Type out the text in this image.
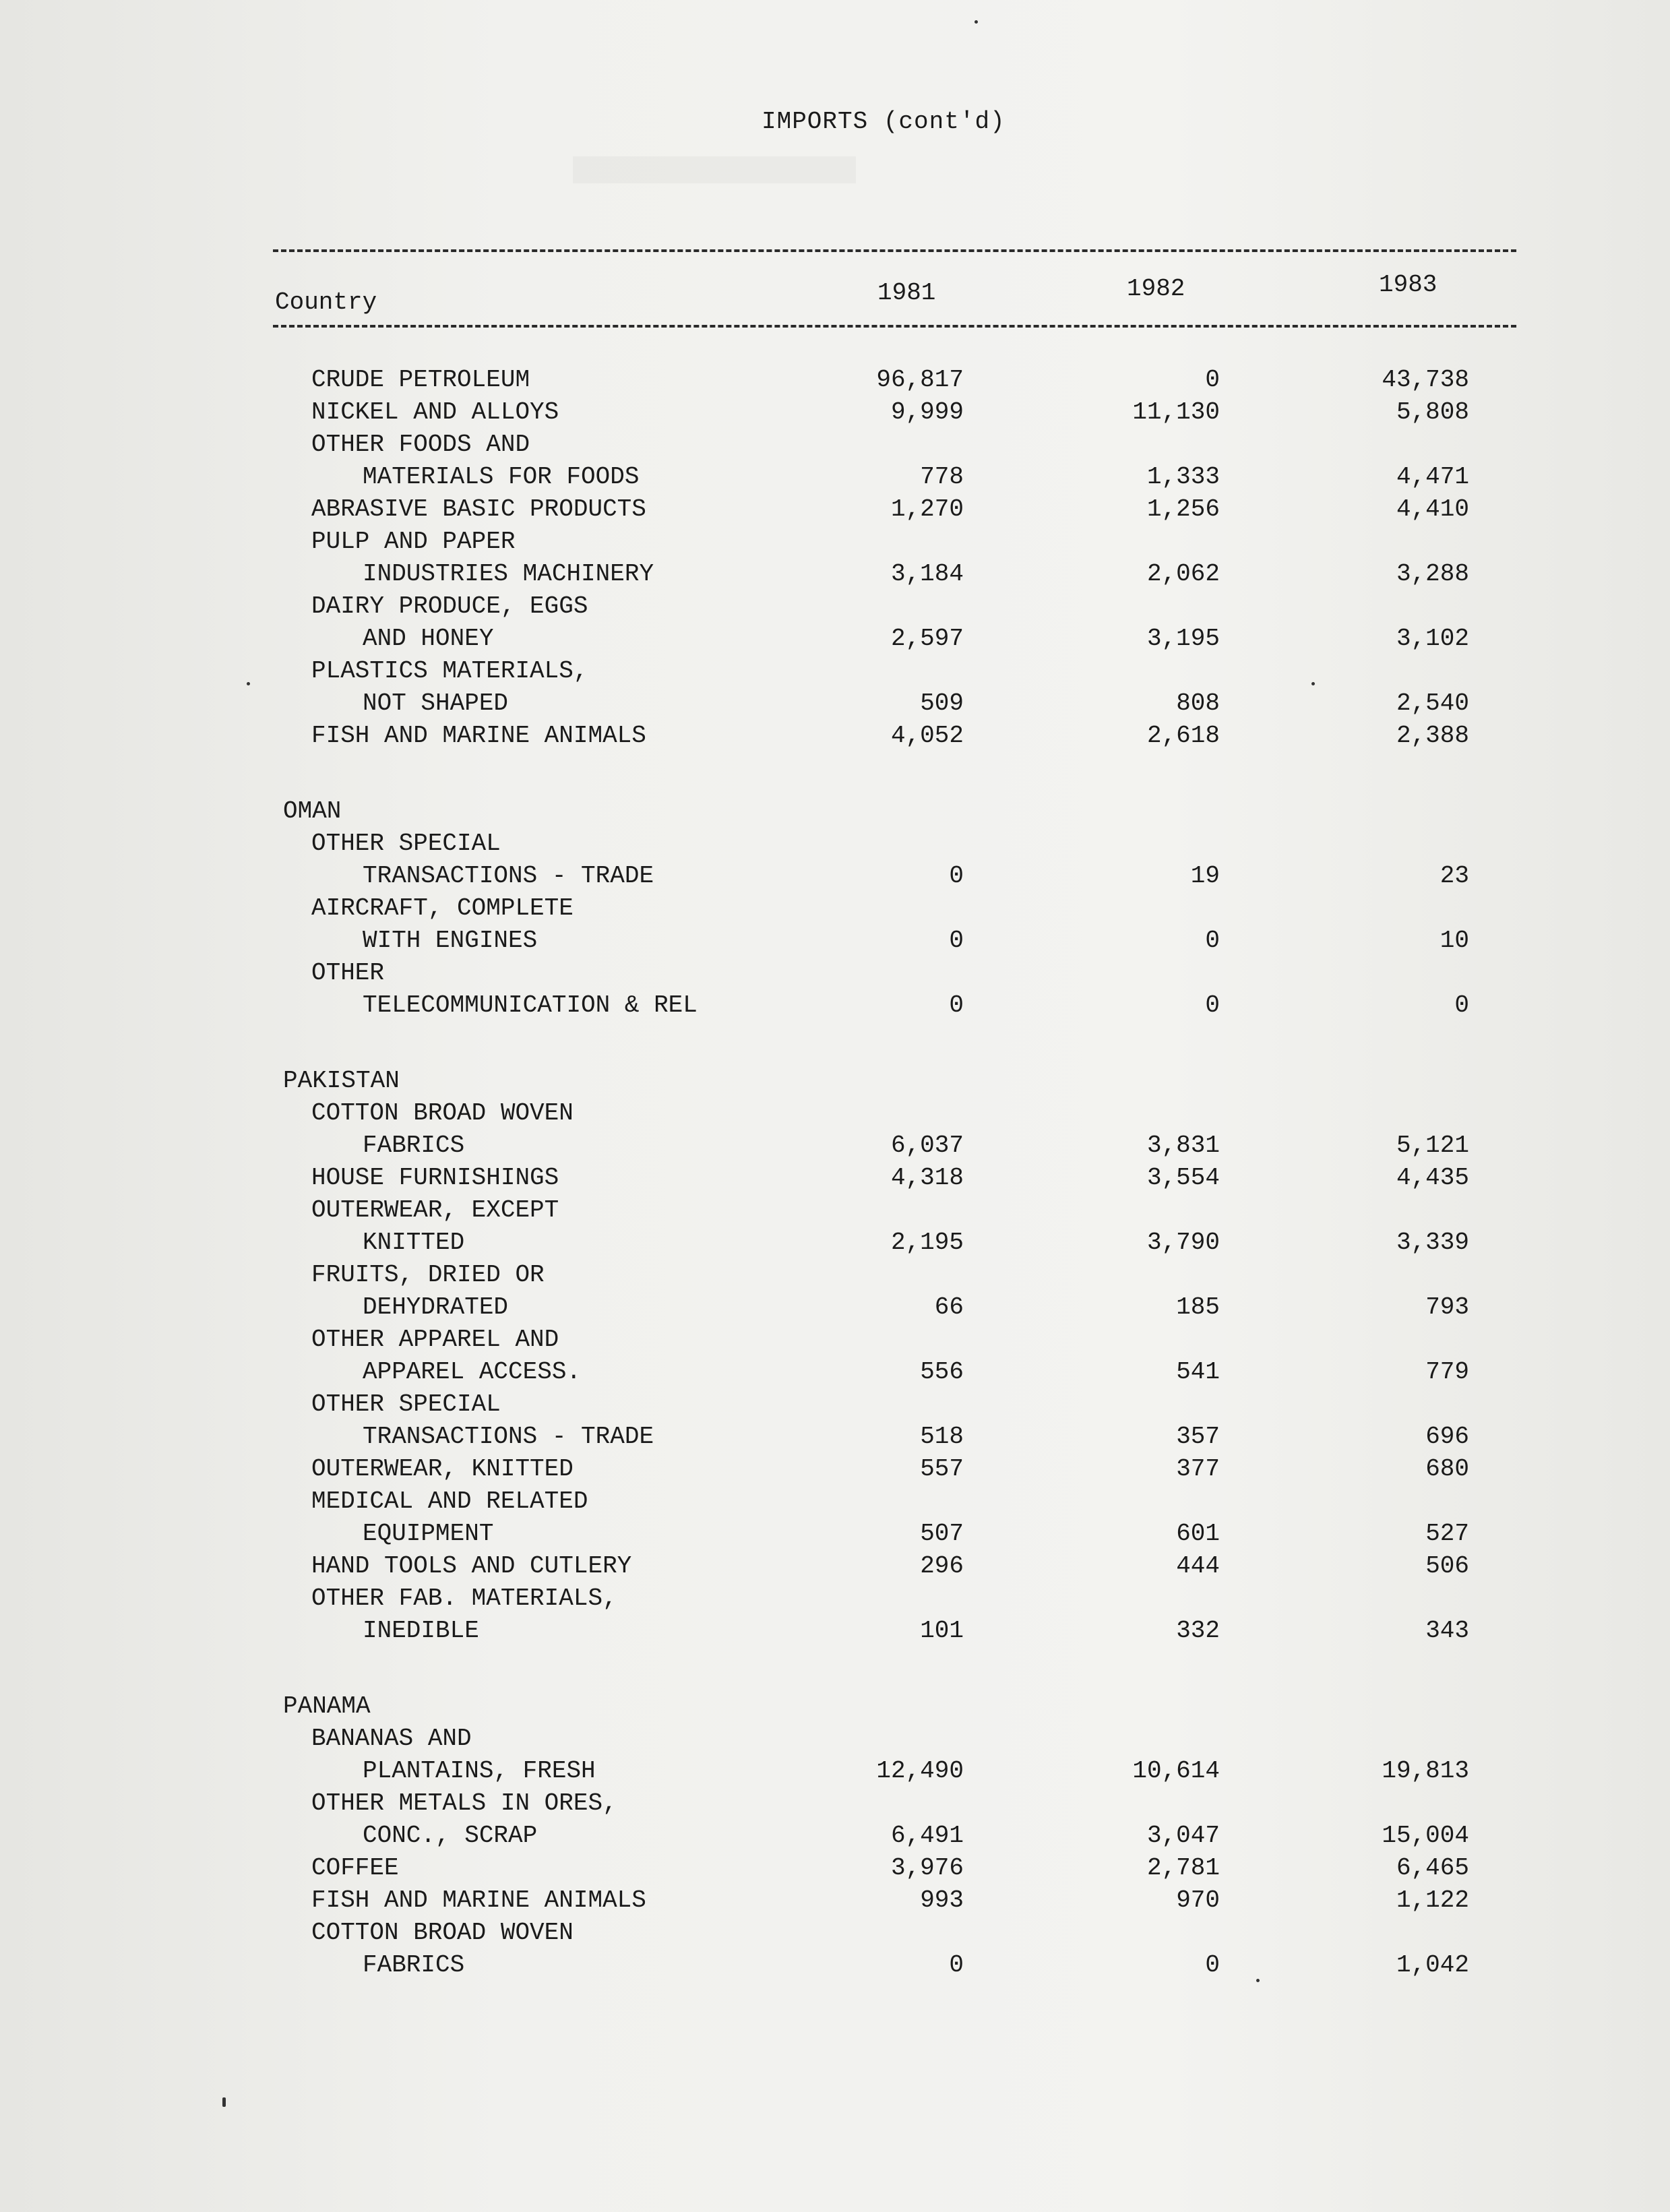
IMPORTS (cont'd)
Country	1981	1982	1983
CRUDE PETROLEUM	96,817	0	43,738
NICKEL AND ALLOYS	9,999	11,130	5,808
OTHER FOODS AND
MATERIALS FOR FOODS	778	1,333	4,471
ABRASIVE BASIC PRODUCTS	1,270	1,256	4,410
PULP AND PAPER
INDUSTRIES MACHINERY	3,184	2,062	3,288
DAIRY PRODUCE, EGGS
AND HONEY	2,597	3,195	3,102
PLASTICS MATERIALS,
NOT SHAPED	509	808	2,540
FISH AND MARINE ANIMALS	4,052	2,618	2,388
OMAN
OTHER SPECIAL
TRANSACTIONS - TRADE	0	19	23
AIRCRAFT, COMPLETE
WITH ENGINES	0	0	10
OTHER
TELECOMMUNICATION & REL	0	0	0
PAKISTAN
COTTON BROAD WOVEN
FABRICS	6,037	3,831	5,121
HOUSE FURNISHINGS	4,318	3,554	4,435
OUTERWEAR, EXCEPT
KNITTED	2,195	3,790	3,339
FRUITS, DRIED OR
DEHYDRATED	66	185	793
OTHER APPAREL AND
APPAREL ACCESS.	556	541	779
OTHER SPECIAL
TRANSACTIONS - TRADE	518	357	696
OUTERWEAR, KNITTED	557	377	680
MEDICAL AND RELATED
EQUIPMENT	507	601	527
HAND TOOLS AND CUTLERY	296	444	506
OTHER FAB. MATERIALS,
INEDIBLE	101	332	343
PANAMA
BANANAS AND
PLANTAINS, FRESH	12,490	10,614	19,813
OTHER METALS IN ORES,
CONC., SCRAP	6,491	3,047	15,004
COFFEE	3,976	2,781	6,465
FISH AND MARINE ANIMALS	993	970	1,122
COTTON BROAD WOVEN
FABRICS	0	0	1,042
